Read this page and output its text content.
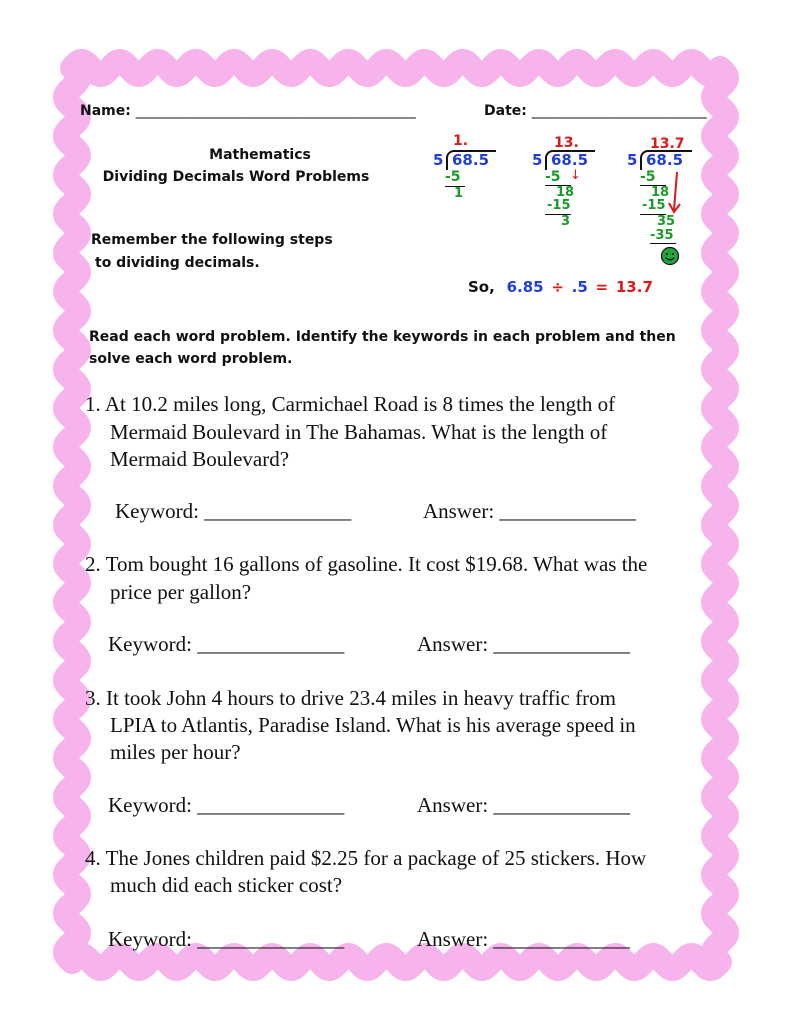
Name: ________________________________________	Date: _________________________
Mathematics
Dividing Decimals Word Problems
Remember the following steps
to dividing decimals.
1.
5 68.5
-5
1
13.
5 68.5
-5 ↓
18
-15
3
13.7
5 68.5
-5
18
-15
35
-35
So, 6.85 ÷ .5 = 13.7
Read each word problem. Identify the keywords in each problem and then
solve each word problem.
1. At 10.2 miles long, Carmichael Road is 8 times the length of
Mermaid Boulevard in The Bahamas. What is the length of
Mermaid Boulevard?
Keyword: ______________	Answer: _____________
2. Tom bought 16 gallons of gasoline. It cost $19.68. What was the
price per gallon?
Keyword: ______________	Answer: _____________
3. It took John 4 hours to drive 23.4 miles in heavy traffic from
LPIA to Atlantis, Paradise Island. What is his average speed in
miles per hour?
Keyword: ______________	Answer: _____________
4. The Jones children paid $2.25 for a package of 25 stickers. How
much did each sticker cost?
Keyword: ______________	Answer: _____________
